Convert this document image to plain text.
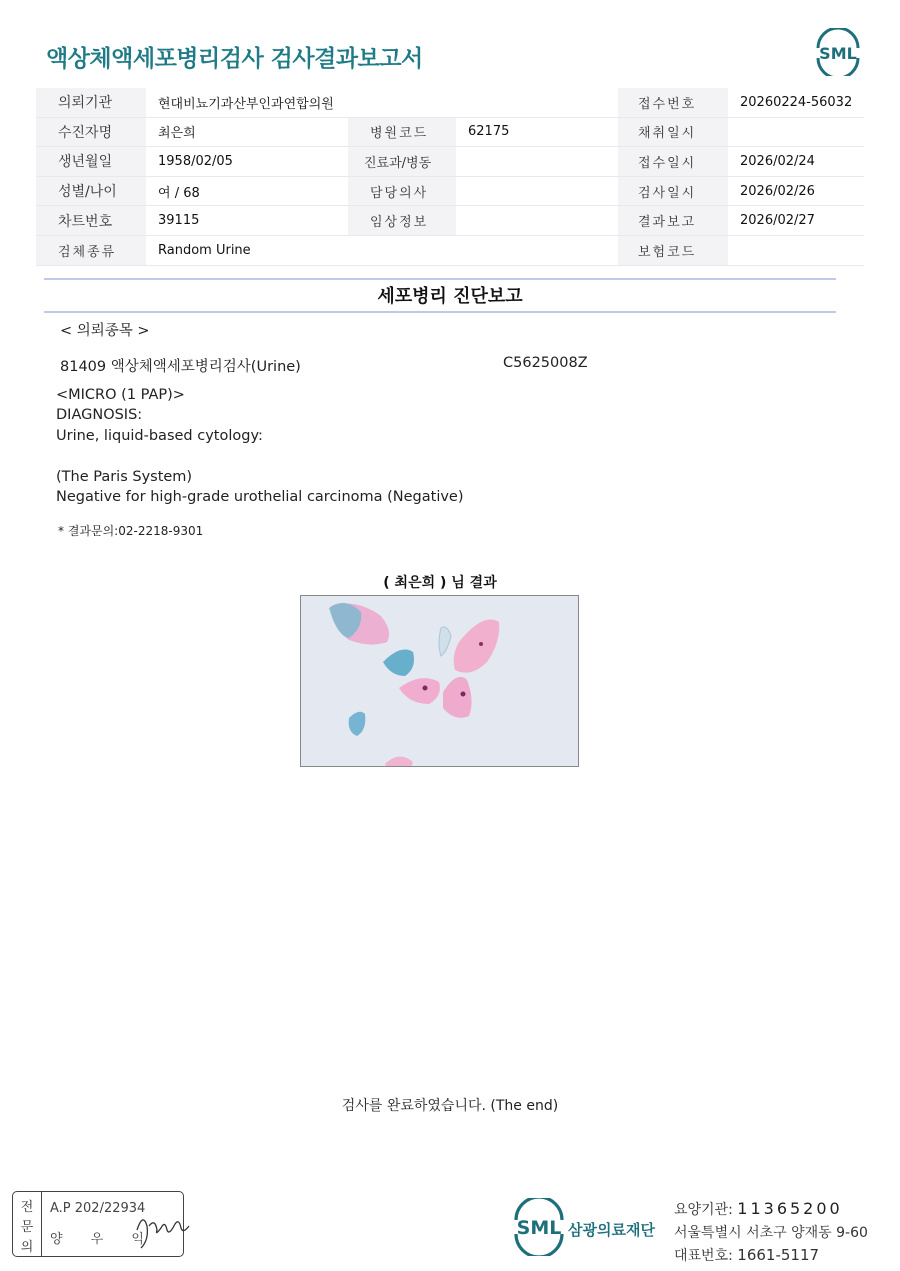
액상체액세포병리검사 검사결과보고서	SML
의뢰기관	현대비뇨기과산부인과연합의원			접수번호	20260224-56032
수진자명	최은희	병원코드	62175	채취일시	
생년월일	1958/02/05	진료과/병동		접수일시	2026/02/24
성별/나이	여 / 68	담당의사		검사일시	2026/02/26
차트번호	39115	임상정보		결과보고	2026/02/27
검체종류	Random Urine			보험코드	
세포병리 진단보고
< 의뢰종목 >
81409 액상체액세포병리검사(Urine)	C5625008Z
<MICRO (1 PAP)>
DIAGNOSIS:
Urine, liquid-based cytology:
(The Paris System)
Negative for high-grade urothelial carcinoma (Negative)
* 결과문의:02-2218-9301
( 최은희 ) 님 결과
검사를 완료하였습니다. (The end)
전
문
의
A.P 202/22934
양 우 익
SML 삼광의료재단
요양기관: 11365200
서울특별시 서초구 양재동 9-60
대표번호: 1661-5117
